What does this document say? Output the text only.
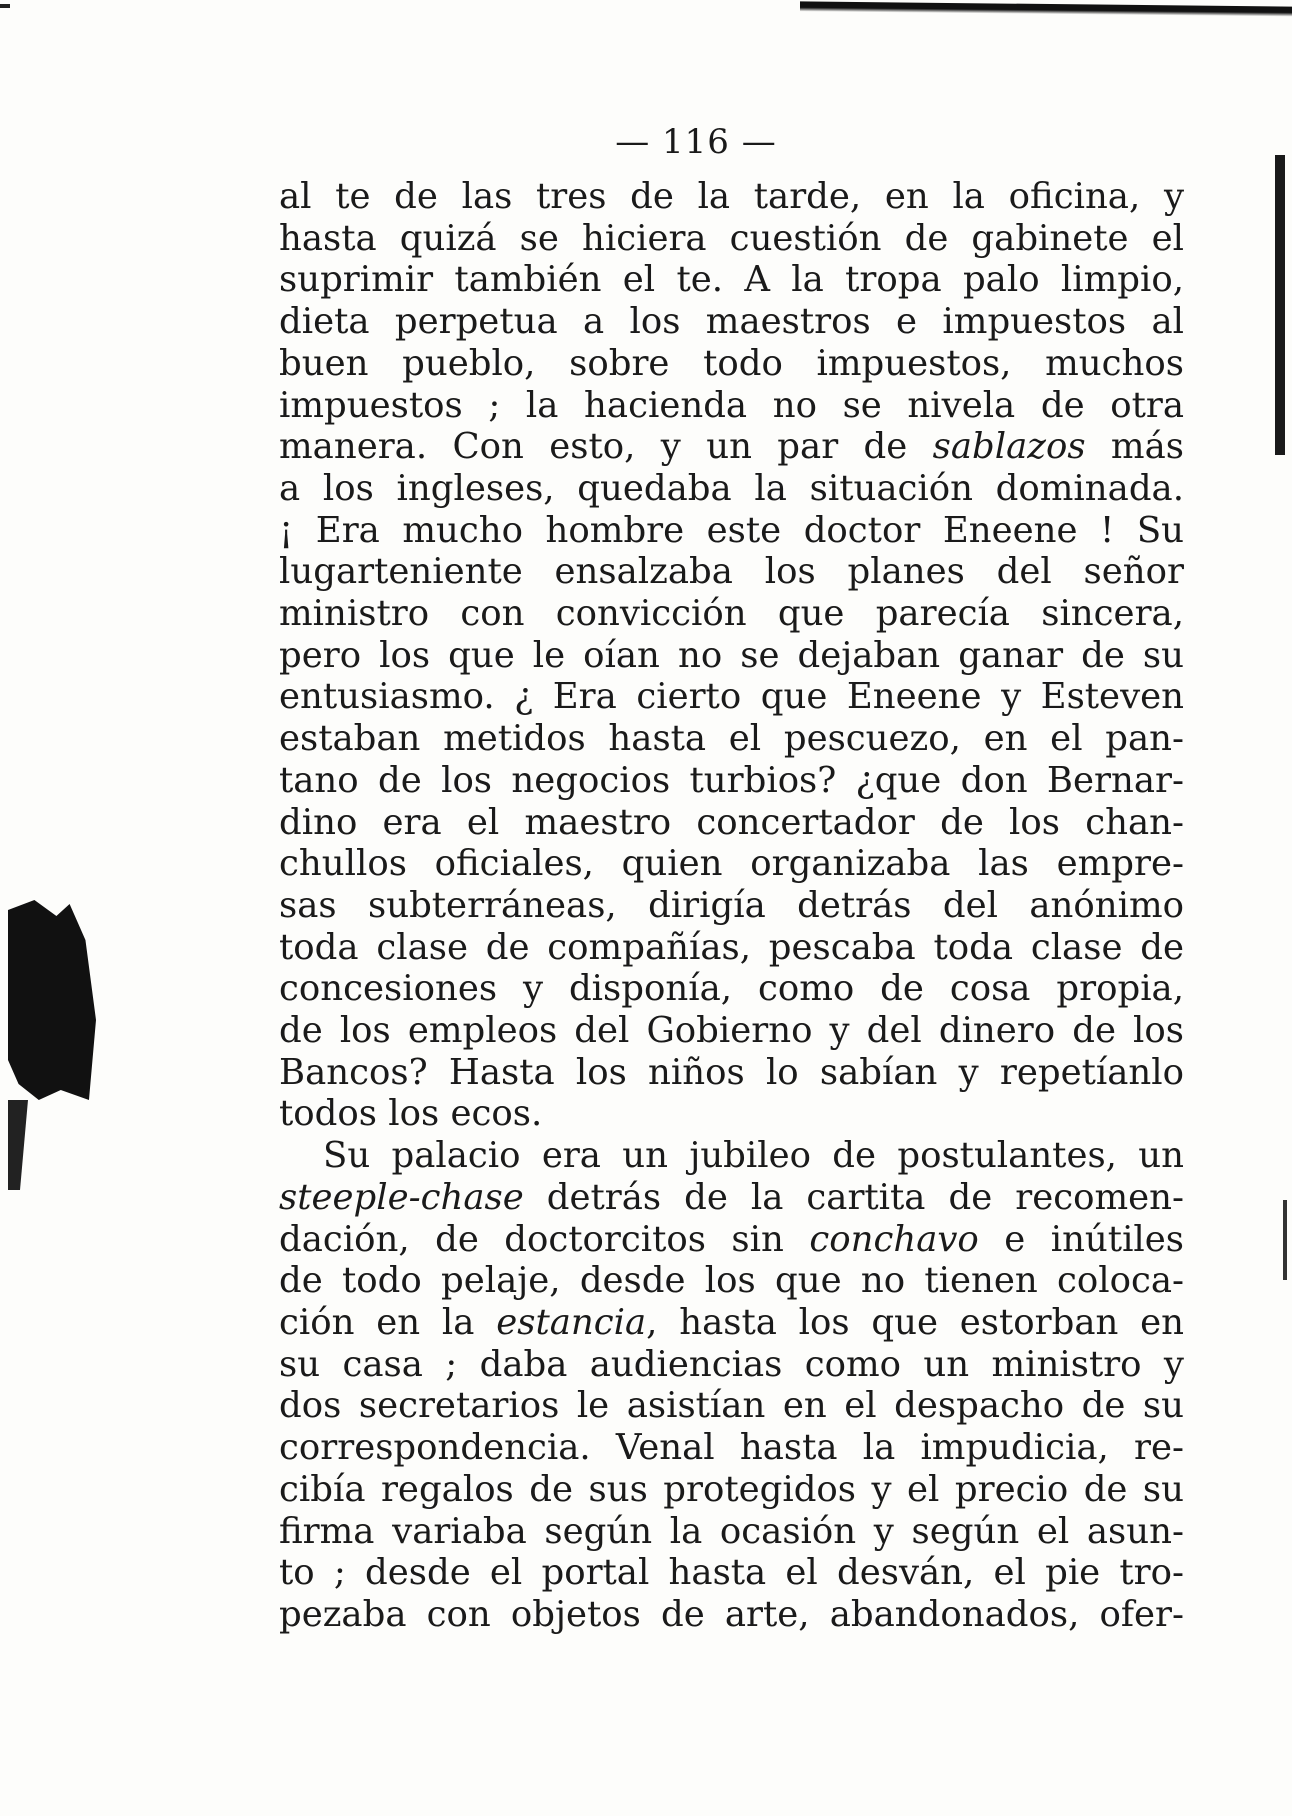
— 116 —
al te de las tres de la tarde, en la oficina, y
hasta quizá se hiciera cuestión de gabinete el
suprimir también el te. A la tropa palo limpio,
dieta perpetua a los maestros e impuestos al
buen pueblo, sobre todo impuestos, muchos
impuestos ; la hacienda no se nivela de otra
manera. Con esto, y un par de sablazos más
a los ingleses, quedaba la situación dominada.
¡ Era mucho hombre este doctor Eneene ! Su
lugarteniente ensalzaba los planes del señor
ministro con convicción que parecía sincera,
pero los que le oían no se dejaban ganar de su
entusiasmo. ¿ Era cierto que Eneene y Esteven
estaban metidos hasta el pescuezo, en el pan-
tano de los negocios turbios? ¿que don Bernar-
dino era el maestro concertador de los chan-
chullos oficiales, quien organizaba las empre-
sas subterráneas, dirigía detrás del anónimo
toda clase de compañías, pescaba toda clase de
concesiones y disponía, como de cosa propia,
de los empleos del Gobierno y del dinero de los
Bancos? Hasta los niños lo sabían y repetíanlo
todos los ecos.
Su palacio era un jubileo de postulantes, un
steeple-chase detrás de la cartita de recomen-
dación, de doctorcitos sin conchavo e inútiles
de todo pelaje, desde los que no tienen coloca-
ción en la estancia, hasta los que estorban en
su casa ; daba audiencias como un ministro y
dos secretarios le asistían en el despacho de su
correspondencia. Venal hasta la impudicia, re-
cibía regalos de sus protegidos y el precio de su
firma variaba según la ocasión y según el asun-
to ; desde el portal hasta el desván, el pie tro-
pezaba con objetos de arte, abandonados, ofer-
